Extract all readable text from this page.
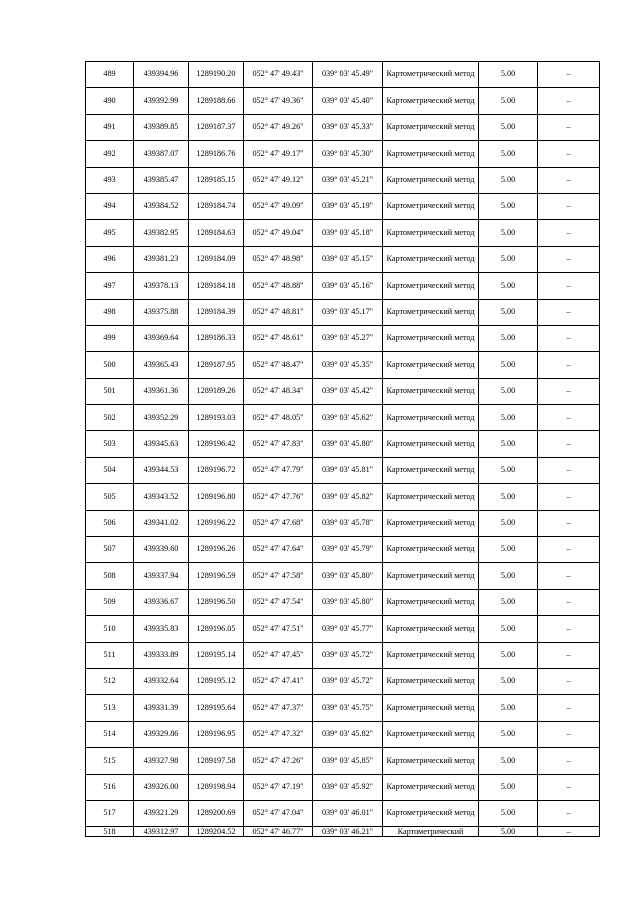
489	439394.96	1289190.20	052° 47' 49.43"	039° 03' 45.49"	Картометрический метод	5.00	–
490	439392.99	1289188.66	052° 47' 49.36"	039° 03' 45.40"	Картометрический метод	5.00	–
491	439389.85	1289187.37	052° 47' 49.26"	039° 03' 45.33"	Картометрический метод	5.00	–
492	439387.07	1289186.76	052° 47' 49.17"	039° 03' 45.30"	Картометрический метод	5.00	–
493	439385.47	1289185.15	052° 47' 49.12"	039° 03' 45.21"	Картометрический метод	5.00	–
494	439384.52	1289184.74	052° 47' 49.09"	039° 03' 45.19"	Картометрический метод	5.00	–
495	439382.95	1289184.63	052° 47' 49.04"	039° 03' 45.18"	Картометрический метод	5.00	–
496	439381.23	1289184.09	052° 47' 48.98"	039° 03' 45.15"	Картометрический метод	5.00	–
497	439378.13	1289184.18	052° 47' 48.88"	039° 03' 45.16"	Картометрический метод	5.00	–
498	439375.88	1289184.39	052° 47' 48.81"	039° 03' 45.17"	Картометрический метод	5.00	–
499	439369.64	1289186.33	052° 47' 48.61"	039° 03' 45.27"	Картометрический метод	5.00	–
500	439365.43	1289187.95	052° 47' 48.47"	039° 03' 45.35"	Картометрический метод	5.00	–
501	439361.36	1289189.26	052° 47' 48.34"	039° 03' 45.42"	Картометрический метод	5.00	–
502	439352.29	1289193.03	052° 47' 48.05"	039° 03' 45.62"	Картометрический метод	5.00	–
503	439345.63	1289196.42	052° 47' 47.83"	039° 03' 45.80"	Картометрический метод	5.00	–
504	439344.53	1289196.72	052° 47' 47.79"	039° 03' 45.81"	Картометрический метод	5.00	–
505	439343.52	1289196.80	052° 47' 47.76"	039° 03' 45.82"	Картометрический метод	5.00	–
506	439341.02	1289196.22	052° 47' 47.68"	039° 03' 45.78"	Картометрический метод	5.00	–
507	439339.60	1289196.26	052° 47' 47.64"	039° 03' 45.79"	Картометрический метод	5.00	–
508	439337.94	1289196.59	052° 47' 47.58"	039° 03' 45.80"	Картометрический метод	5.00	–
509	439336.67	1289196.50	052° 47' 47.54"	039° 03' 45.80"	Картометрический метод	5.00	–
510	439335.83	1289196.05	052° 47' 47.51"	039° 03' 45.77"	Картометрический метод	5.00	–
511	439333.89	1289195.14	052° 47' 47.45"	039° 03' 45.72"	Картометрический метод	5.00	–
512	439332.64	1289195.12	052° 47' 47.41"	039° 03' 45.72"	Картометрический метод	5.00	–
513	439331.39	1289195.64	052° 47' 47.37"	039° 03' 45.75"	Картометрический метод	5.00	–
514	439329.86	1289196.95	052° 47' 47.32"	039° 03' 45.82"	Картометрический метод	5.00	–
515	439327.98	1289197.58	052° 47' 47.26"	039° 03' 45.85"	Картометрический метод	5.00	–
516	439326.00	1289198.94	052° 47' 47.19"	039° 03' 45.92"	Картометрический метод	5.00	–
517	439321.29	1289200.69	052° 47' 47.04"	039° 03' 46.01"	Картометрический метод	5.00	–
518	439312.97	1289204.52	052° 47' 46.77"	039° 03' 46.21"	Картометрический	5.00	–
